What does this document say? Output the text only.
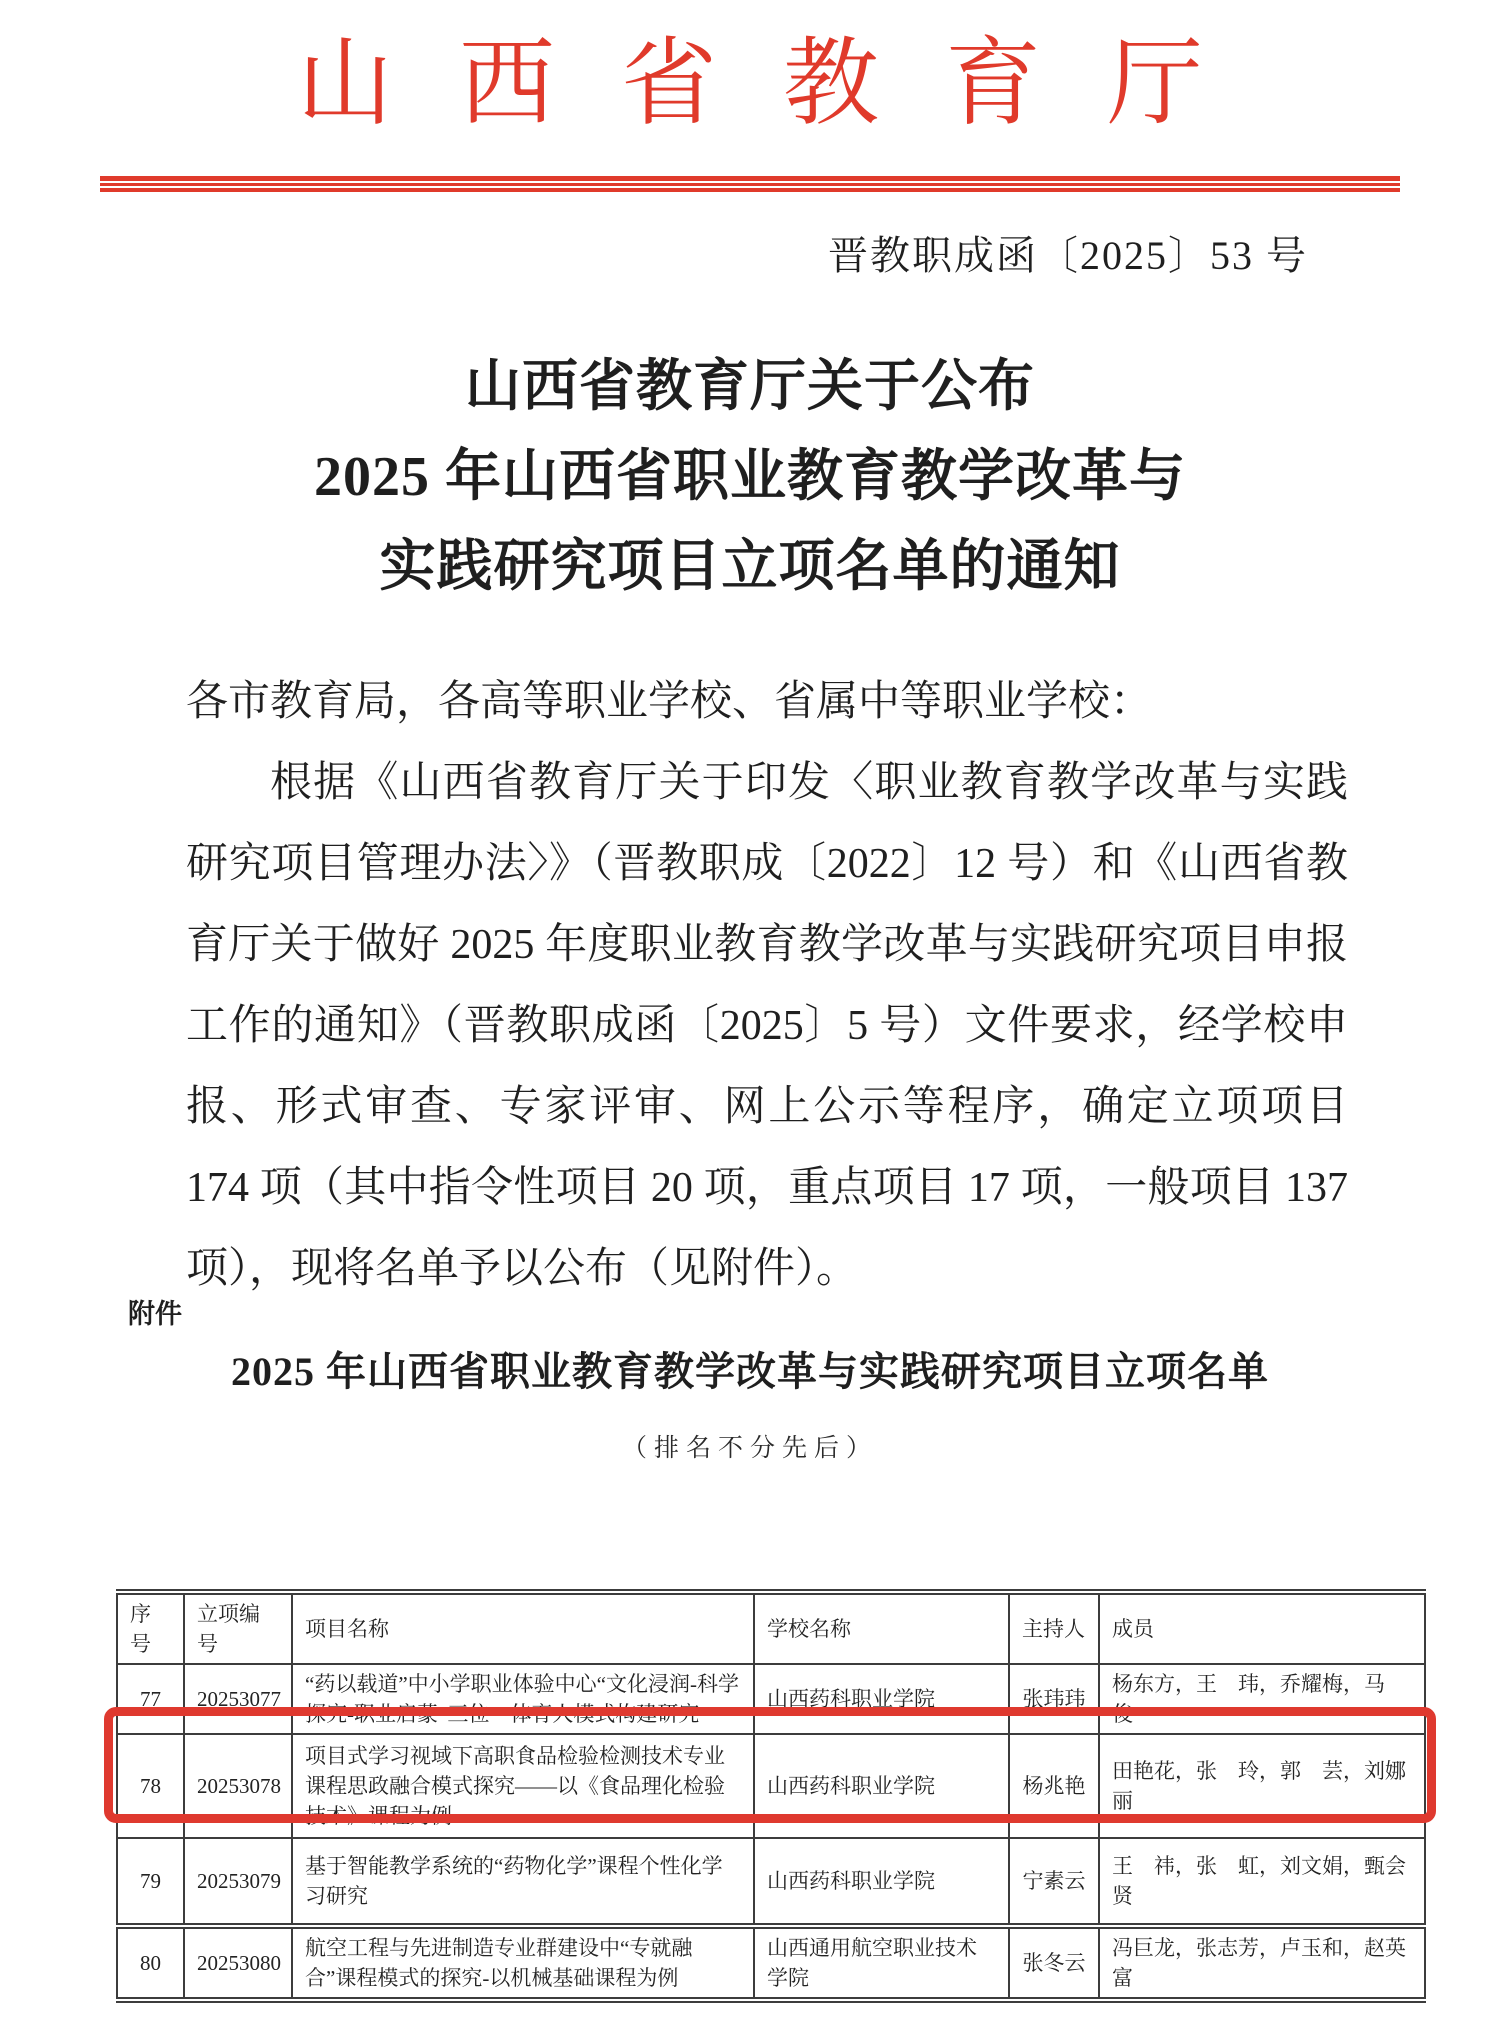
山西省教育厅
晋教职成函〔2025〕53 号
山西省教育厅关于公布
2025 年山西省职业教育教学改革与
实践研究项目立项名单的通知

各市教育局，各高等职业学校、省属中等职业学校：

根据《山西省教育厅关于印发〈职业教育教学改革与实践研究项目管理办法〉》（晋教职成〔2022〕12 号）和《山西省教育厅关于做好 2025 年度职业教育教学改革与实践研究项目申报工作的通知》（晋教职成函〔2025〕5 号）文件要求，经学校申报、形式审查、专家评审、网上公示等程序，确定立项项目 174 项（其中指令性项目 20 项，重点项目 17 项，一般项目 137 项），现将名单予以公布（见附件）。

附件
2025 年山西省职业教育教学改革与实践研究项目立项名单
（排名不分先后）
序号	立项编号	项目名称	学校名称	主持人	成员
77	20253077	“药以载道”中小学职业体验中心“文化浸润-科学探究-职业启蒙”三位一体育人模式构建研究	山西药科职业学院	张玮玮	杨东方，王　玮，乔耀梅，马　俊
78	20253078	项目式学习视域下高职食品检验检测技术专业课程思政融合模式探究——以《食品理化检验技术》课程为例	山西药科职业学院	杨兆艳	田艳花，张　玲，郭　芸，刘娜丽
79	20253079	基于智能教学系统的“药物化学”课程个性化学习研究	山西药科职业学院	宁素云	王　祎，张　虹，刘文娟，甄会贤
80	20253080	航空工程与先进制造专业群建设中“专就融合”课程模式的探究-以机械基础课程为例	山西通用航空职业技术学院	张冬云	冯巨龙，张志芳，卢玉和，赵英富
